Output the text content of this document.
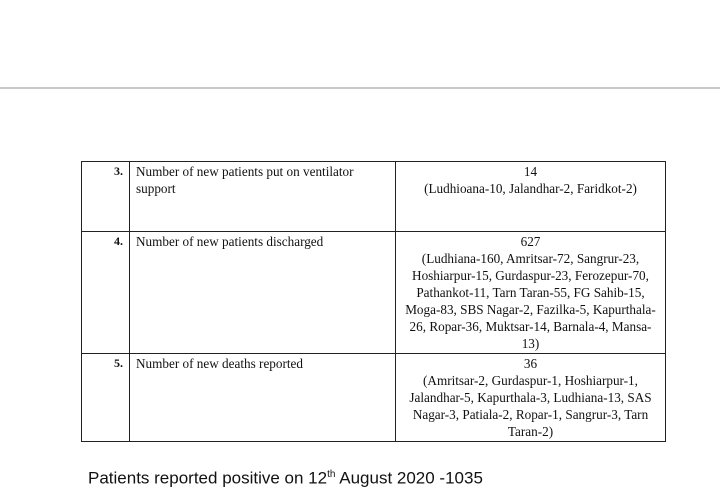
3.	Number of new patients put on ventilator support	14
(Ludhioana-10, Jalandhar-2, Faridkot-2)

4.	Number of new patients discharged	627
(Ludhiana-160, Amritsar-72, Sangrur-23, Hoshiarpur-15, Gurdaspur-23, Ferozepur-70, Pathankot-11, Tarn Taran-55, FG Sahib-15, Moga-83, SBS Nagar-2, Fazilka-5, Kapurthala-26, Ropar-36, Muktsar-14, Barnala-4, Mansa-13)

5.	Number of new deaths reported	36
(Amritsar-2, Gurdaspur-1, Hoshiarpur-1, Jalandhar-5, Kapurthala-3, Ludhiana-13, SAS Nagar-3, Patiala-2, Ropar-1, Sangrur-3, Tarn Taran-2)
Patients reported positive on 12th August 2020 -1035
